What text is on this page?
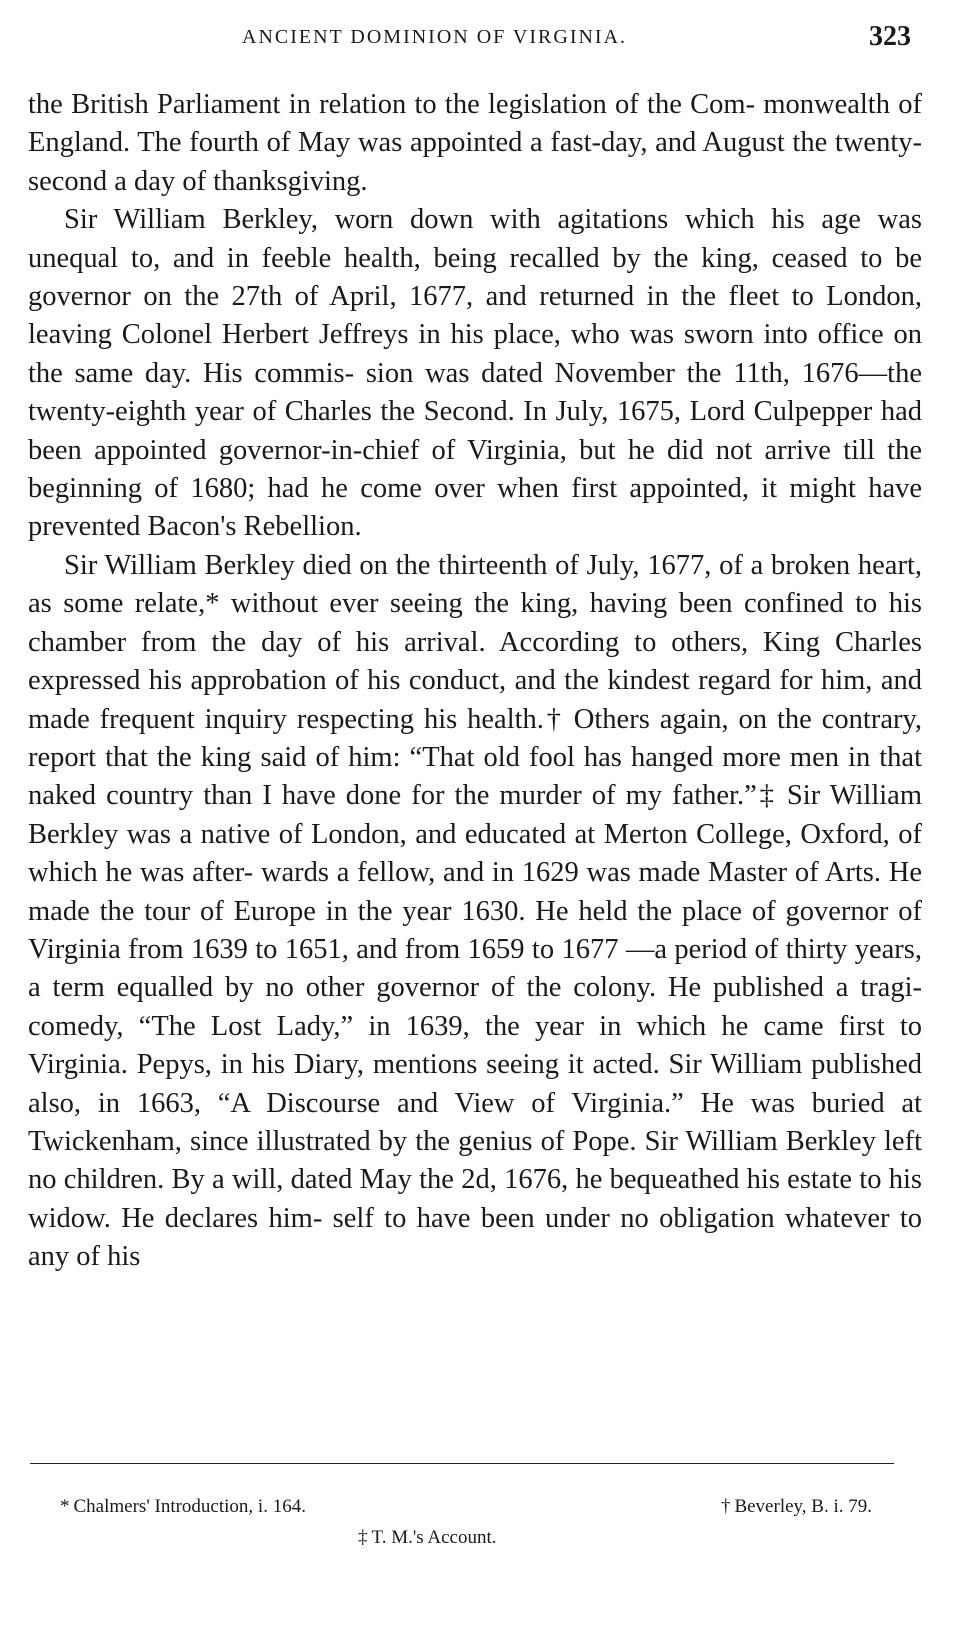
ANCIENT DOMINION OF VIRGINIA.	323

the British Parliament in relation to the legislation of the Com- monwealth of England. The fourth of May was appointed a fast-day, and August the twenty-second a day of thanksgiving.

Sir William Berkley, worn down with agitations which his age was unequal to, and in feeble health, being recalled by the king, ceased to be governor on the 27th of April, 1677, and returned in the fleet to London, leaving Colonel Herbert Jeffreys in his place, who was sworn into office on the same day. His commis- sion was dated November the 11th, 1676—the twenty-eighth year of Charles the Second. In July, 1675, Lord Culpepper had been appointed governor-in-chief of Virginia, but he did not arrive till the beginning of 1680; had he come over when first appointed, it might have prevented Bacon's Rebellion.

Sir William Berkley died on the thirteenth of July, 1677, of a broken heart, as some relate,* without ever seeing the king, having been confined to his chamber from the day of his arrival. According to others, King Charles expressed his approbation of his conduct, and the kindest regard for him, and made frequent inquiry respecting his health.† Others again, on the contrary, report that the king said of him: “That old fool has hanged more men in that naked country than I have done for the murder of my father.”‡ Sir William Berkley was a native of London, and educated at Merton College, Oxford, of which he was after- wards a fellow, and in 1629 was made Master of Arts. He made the tour of Europe in the year 1630. He held the place of governor of Virginia from 1639 to 1651, and from 1659 to 1677 —a period of thirty years, a term equalled by no other governor of the colony. He published a tragi-comedy, “The Lost Lady,” in 1639, the year in which he came first to Virginia. Pepys, in his Diary, mentions seeing it acted. Sir William published also, in 1663, “A Discourse and View of Virginia.” He was buried at Twickenham, since illustrated by the genius of Pope. Sir William Berkley left no children. By a will, dated May the 2d, 1676, he bequeathed his estate to his widow. He declares him- self to have been under no obligation whatever to any of his

* Chalmers' Introduction, i. 164.	† Beverley, B. i. 79.
‡ T. M.'s Account.
